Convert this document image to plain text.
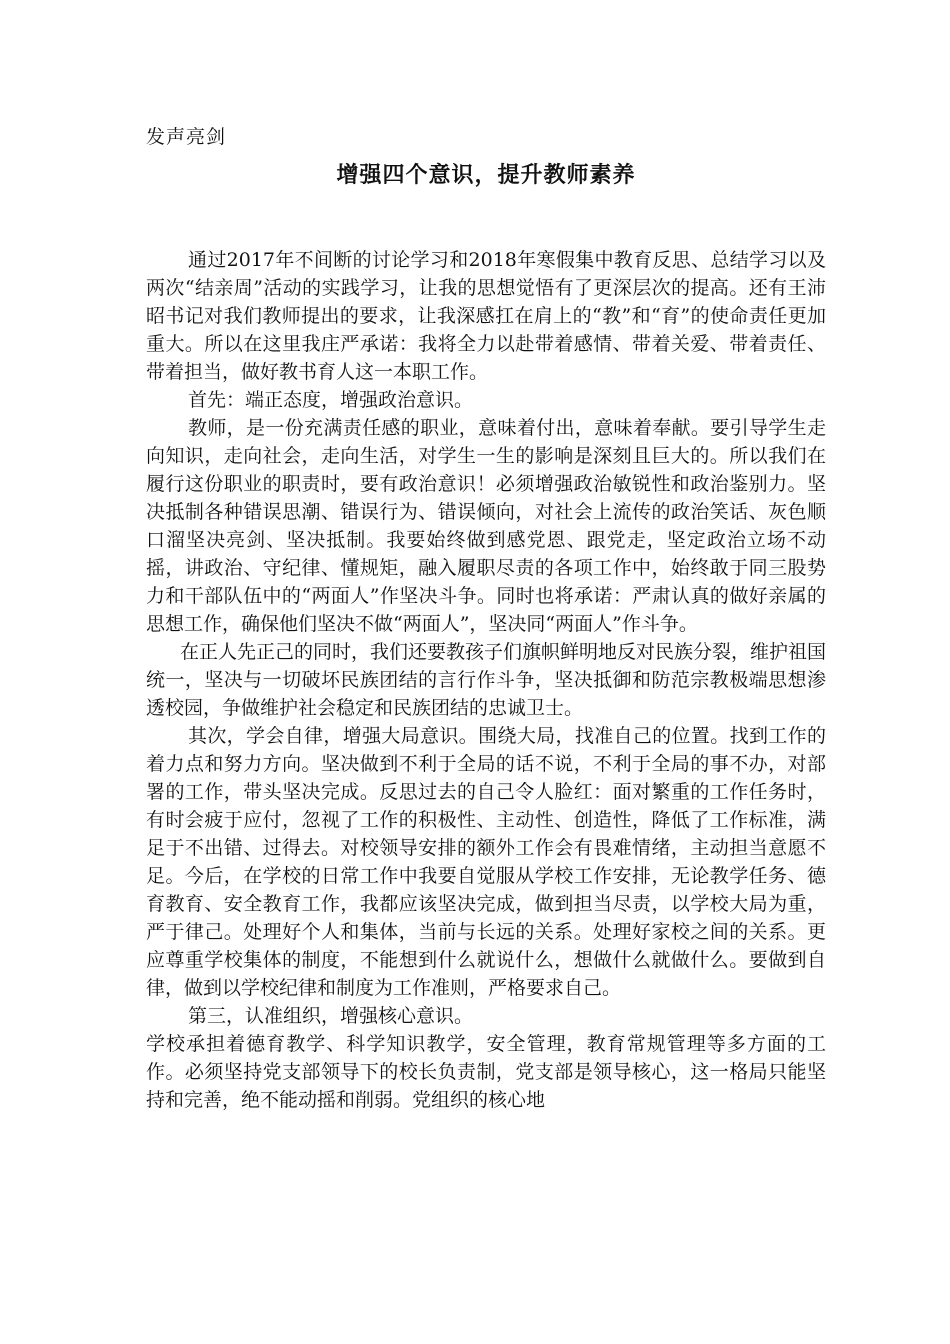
发声亮剑
增强四个意识，提升教师素养

通过2017年不间断的讨论学习和2018年寒假集中教育反思、总结学习以及两次“结亲周”活动的实践学习，让我的思想觉悟有了更深层次的提高。还有王沛昭书记对我们教师提出的要求，让我深感扛在肩上的“教”和“育”的使命责任更加重大。所以在这里我庄严承诺：我将全力以赴带着感情、带着关爱、带着责任、带着担当，做好教书育人这一本职工作。

首先：端正态度，增强政治意识。

教师，是一份充满责任感的职业，意味着付出，意味着奉献。要引导学生走向知识，走向社会，走向生活，对学生一生的影响是深刻且巨大的。所以我们在履行这份职业的职责时，要有政治意识！必须增强政治敏锐性和政治鉴别力。坚决抵制各种错误思潮、错误行为、错误倾向，对社会上流传的政治笑话、灰色顺口溜坚决亮剑、坚决抵制。我要始终做到感党恩、跟党走，坚定政治立场不动摇，讲政治、守纪律、懂规矩，融入履职尽责的各项工作中，始终敢于同三股势力和干部队伍中的“两面人”作坚决斗争。同时也将承诺：严肃认真的做好亲属的思想工作，确保他们坚决不做“两面人”，坚决同“两面人”作斗争。

在正人先正己的同时，我们还要教孩子们旗帜鲜明地反对民族分裂，维护祖国统一，坚决与一切破坏民族团结的言行作斗争，坚决抵御和防范宗教极端思想渗透校园，争做维护社会稳定和民族团结的忠诚卫士。

其次，学会自律，增强大局意识。围绕大局，找准自己的位置。找到工作的着力点和努力方向。坚决做到不利于全局的话不说，不利于全局的事不办，对部署的工作，带头坚决完成。反思过去的自己令人脸红：面对繁重的工作任务时，有时会疲于应付，忽视了工作的积极性、主动性、创造性，降低了工作标准，满足于不出错、过得去。对校领导安排的额外工作会有畏难情绪，主动担当意愿不足。今后，在学校的日常工作中我要自觉服从学校工作安排，无论教学任务、德育教育、安全教育工作，我都应该坚决完成，做到担当尽责，以学校大局为重，严于律己。处理好个人和集体，当前与长远的关系。处理好家校之间的关系。更应尊重学校集体的制度，不能想到什么就说什么，想做什么就做什么。要做到自律，做到以学校纪律和制度为工作准则，严格要求自己。

第三，认准组织，增强核心意识。

学校承担着德育教学、科学知识教学，安全管理，教育常规管理等多方面的工作。必须坚持党支部领导下的校长负责制，党支部是领导核心，这一格局只能坚持和完善，绝不能动摇和削弱。党组织的核心地
